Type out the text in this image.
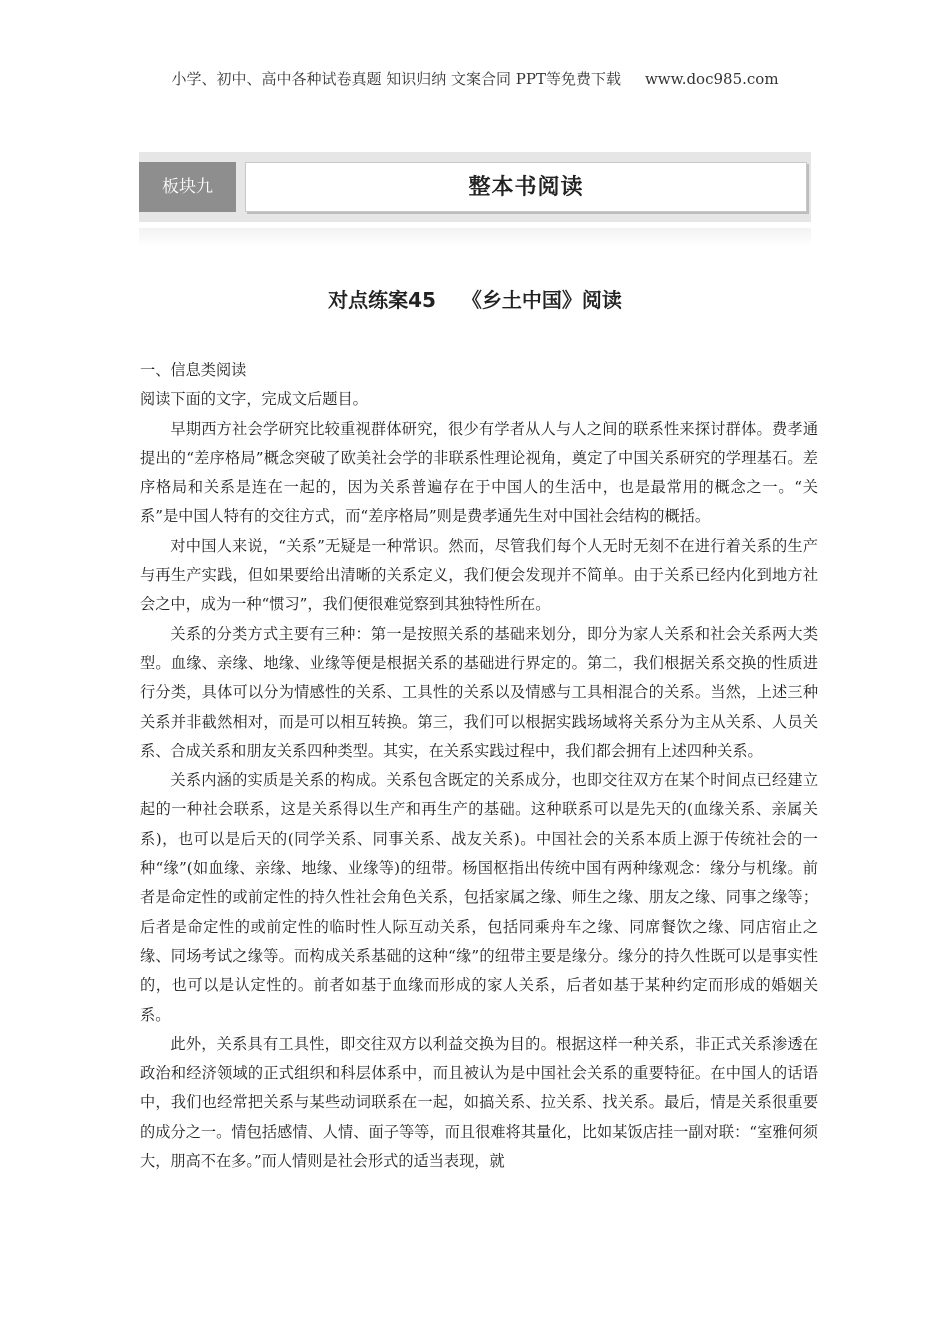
小学、初中、高中各种试卷真题 知识归纳 文案合同 PPT等免费下载 www.doc985.com
板块九	整本书阅读
对点练案45 《乡土中国》阅读

一、信息类阅读

阅读下面的文字，完成文后题目。

早期西方社会学研究比较重视群体研究，很少有学者从人与人之间的联系性来探讨群体。费孝通提出的“差序格局”概念突破了欧美社会学的非联系性理论视角，奠定了中国关系研究的学理基石。差序格局和关系是连在一起的，因为关系普遍存在于中国人的生活中，也是最常用的概念之一。“关系”是中国人特有的交往方式，而“差序格局”则是费孝通先生对中国社会结构的概括。

对中国人来说，“关系”无疑是一种常识。然而，尽管我们每个人无时无刻不在进行着关系的生产与再生产实践，但如果要给出清晰的关系定义，我们便会发现并不简单。由于关系已经内化到地方社会之中，成为一种“惯习”，我们便很难觉察到其独特性所在。

关系的分类方式主要有三种：第一是按照关系的基础来划分，即分为家人关系和社会关系两大类型。血缘、亲缘、地缘、业缘等便是根据关系的基础进行界定的。第二，我们根据关系交换的性质进行分类，具体可以分为情感性的关系、工具性的关系以及情感与工具相混合的关系。当然，上述三种关系并非截然相对，而是可以相互转换。第三，我们可以根据实践场域将关系分为主从关系、人员关系、合成关系和朋友关系四种类型。其实，在关系实践过程中，我们都会拥有上述四种关系。

关系内涵的实质是关系的构成。关系包含既定的关系成分，也即交往双方在某个时间点已经建立起的一种社会联系，这是关系得以生产和再生产的基础。这种联系可以是先天的(血缘关系、亲属关系)，也可以是后天的(同学关系、同事关系、战友关系)。中国社会的关系本质上源于传统社会的一种“缘”(如血缘、亲缘、地缘、业缘等)的纽带。杨国枢指出传统中国有两种缘观念：缘分与机缘。前者是命定性的或前定性的持久性社会角色关系，包括家属之缘、师生之缘、朋友之缘、同事之缘等；后者是命定性的或前定性的临时性人际互动关系，包括同乘舟车之缘、同席餐饮之缘、同店宿止之缘、同场考试之缘等。而构成关系基础的这种“缘”的纽带主要是缘分。缘分的持久性既可以是事实性的，也可以是认定性的。前者如基于血缘而形成的家人关系，后者如基于某种约定而形成的婚姻关系。

此外，关系具有工具性，即交往双方以利益交换为目的。根据这样一种关系，非正式关系渗透在政治和经济领域的正式组织和科层体系中，而且被认为是中国社会关系的重要特征。在中国人的话语中，我们也经常把关系与某些动词联系在一起，如搞关系、拉关系、找关系。最后，情是关系很重要的成分之一。情包括感情、人情、面子等等，而且很难将其量化，比如某饭店挂一副对联：“室雅何须大，朋高不在多。”而人情则是社会形式的适当表现，就
